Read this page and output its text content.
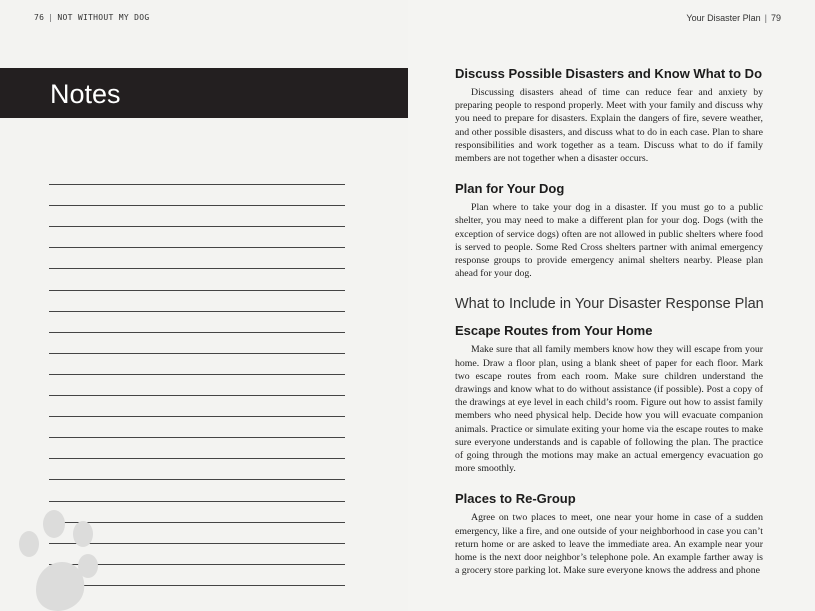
76 | NOT WITHOUT MY DOG
Notes
Your Disaster Plan | 79
Discuss Possible Disasters and Know What to Do

Discussing disasters ahead of time can reduce fear and anxiety by preparing people to respond properly. Meet with your family and discuss why you need to prepare for disasters. Explain the dangers of fire, severe weather, and other possible disasters, and discuss what to do in each case. Plan to share responsibilities and work together as a team. Discuss what to do if family members are not together when a disaster occurs.

Plan for Your Dog

Plan where to take your dog in a disaster. If you must go to a public shelter, you may need to make a different plan for your dog. Dogs (with the exception of service dogs) often are not allowed in public shelters where food is served to people. Some Red Cross shelters partner with animal emergency response groups to provide emergency animal shelters nearby. Please plan ahead for your dog.

What to Include in Your Disaster Response Plan
Escape Routes from Your Home

Make sure that all family members know how they will escape from your home. Draw a floor plan, using a blank sheet of paper for each floor. Mark two escape routes from each room. Make sure children understand the drawings and know what to do without assistance (if possible). Post a copy of the drawings at eye level in each child’s room. Figure out how to assist family members who need physical help. Decide how you will evacuate companion animals. Practice or simulate exiting your home via the escape routes to make sure everyone understands and is capable of following the plan. The practice of going through the motions may make an actual emergency evacuation go more smoothly.

Places to Re-Group

Agree on two places to meet, one near your home in case of a sudden emergency, like a fire, and one outside of your neighborhood in case you can’t return home or are asked to leave the immediate area. An example near your home is the next door neighbor’s telephone pole. An example farther away is a grocery store parking lot. Make sure everyone knows the address and phone
